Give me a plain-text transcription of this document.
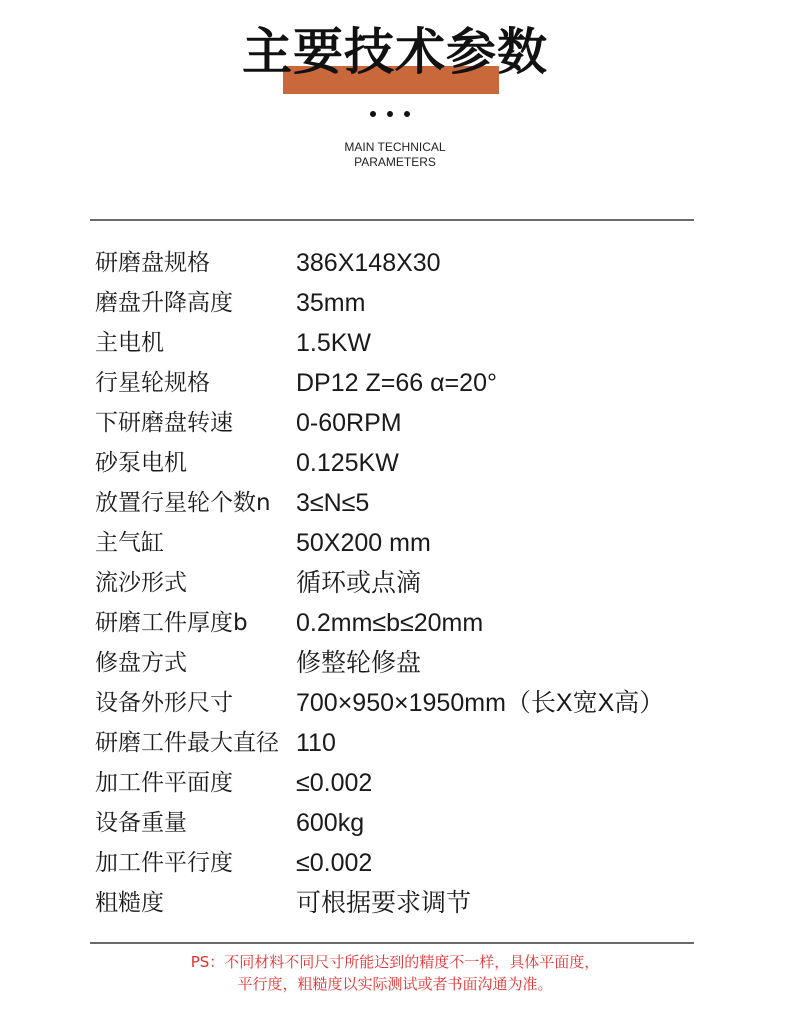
主要技术参数
MAIN TECHNICAL
PARAMETERS
研磨盘规格	386X148X30
磨盘升降高度	35mm
主电机	1.5KW
行星轮规格	DP12 Z=66 α=20°
下研磨盘转速	0-60RPM
砂泵电机	0.125KW
放置行星轮个数n 3≤N≤5
主气缸	50X200 mm
流沙形式	循环或点滴
研磨工件厚度b 0.2mm≤b≤20mm
修盘方式	修整轮修盘
设备外形尺寸	700×950×1950mm（长X宽X高）
研磨工件最大直径 110
加工件平面度	≤0.002
设备重量	600kg
加工件平行度	≤0.002
粗糙度	可根据要求调节
PS：不同材料不同尺寸所能达到的精度不一样，具体平面度，
平行度，粗糙度以实际测试或者书面沟通为准。
